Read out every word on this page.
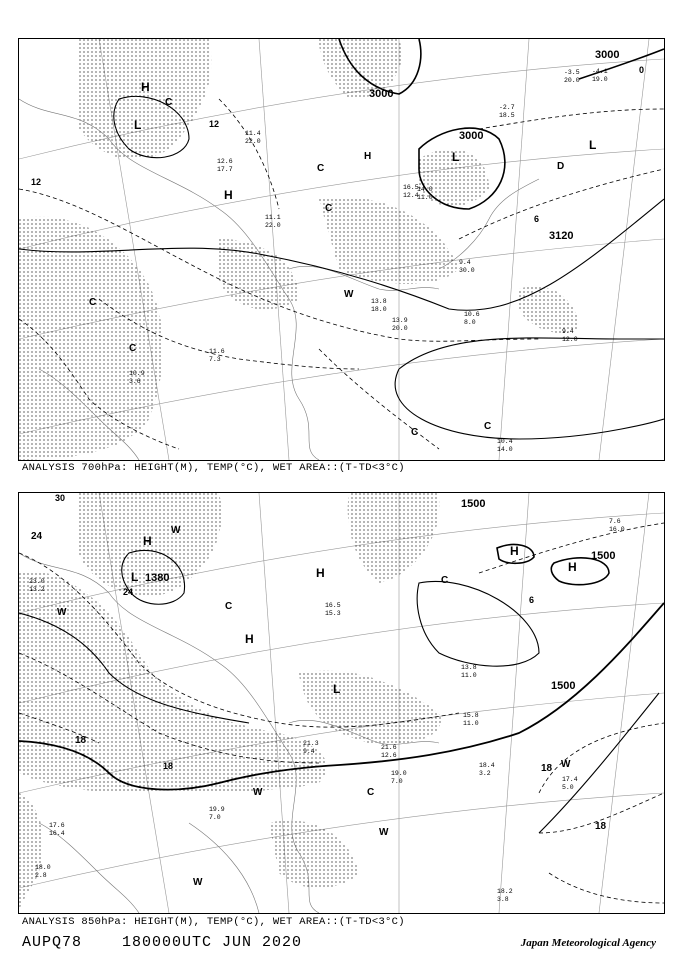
3000
3000
3000
3120
H
L
H
L
L
H
C
C
C
C
C
W
D
C
C
12
12
6
0
11.4
22.0
12.6
17.7
11.1
22.0
13.8
18.0
13.9
20.0
10.6
8.0
9.4
12.0
10.4
14.0
11.6
7.3
10.9
3.6
9.4
30.0
-2.7
18.5
-3.5
20.0
-4.1
19.0
14.0
11.0
16.5
12.4
ANALYSIS 700hPa: HEIGHT(M), TEMP(°C), WET AREA::(T-TD<3°C)
1500
1500
1500
1380
L
H
H
H
H
H
L
W
W
C
W	C
W
W
W
C
24
24
18
18
18
18
30
6
19.0
7.0
18.4
3.2
17.4
5.0
19.9
7.0
18.2
3.8
21.6
12.6
15.8
11.0
13.8
11.0
17.6
16.4
18.0
2.8
16.5
15.3
21.3
9.4
7.6
16.0
23.0
13.2
ANALYSIS 850hPa: HEIGHT(M), TEMP(°C), WET AREA::(T-TD<3°C)
AUPQ78	180000UTC JUN 2020	Japan Meteorological Agency
